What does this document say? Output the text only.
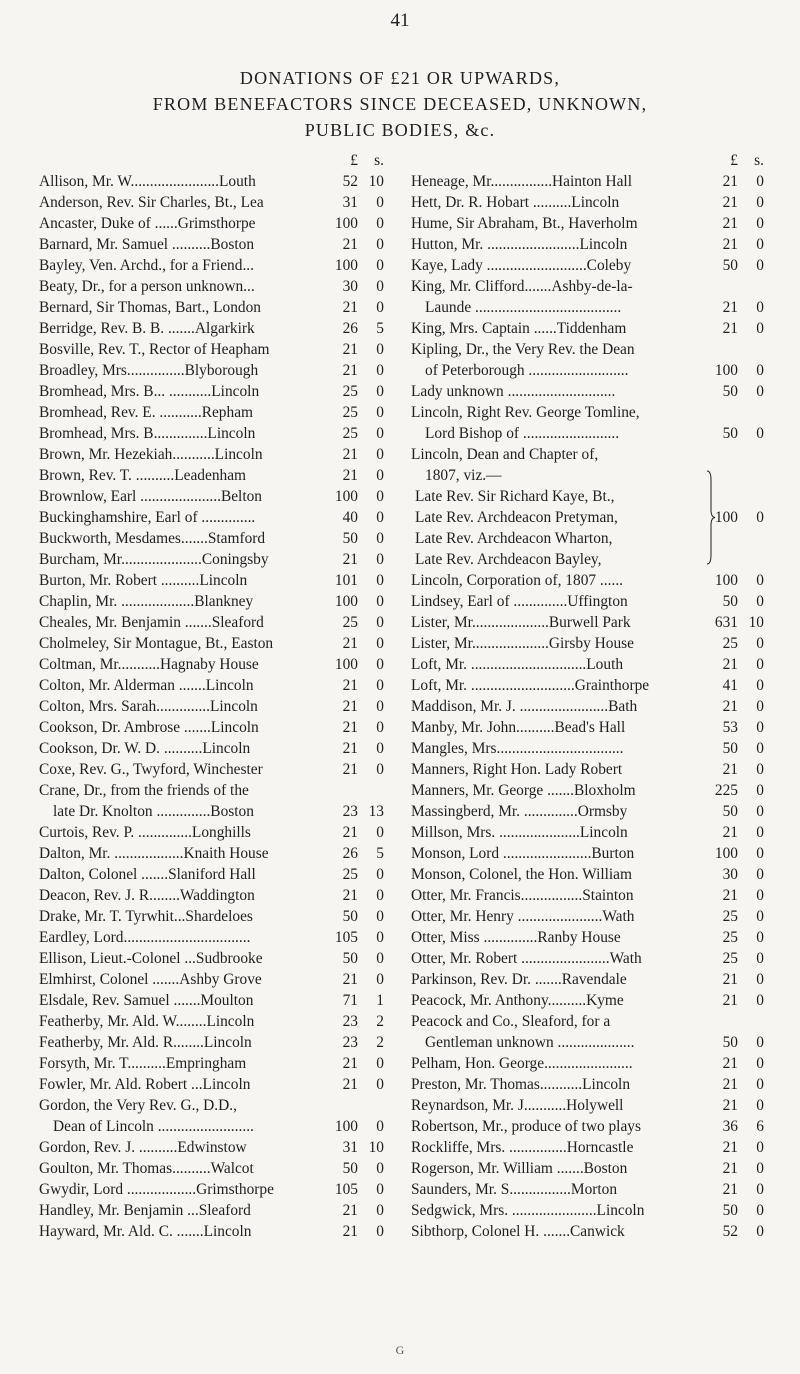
41
DONATIONS OF £21 OR UPWARDS,
FROM BENEFACTORS SINCE DECEASED, UNKNOWN,
PUBLIC BODIES, &c.
£	s.
Allison, Mr. W.......................Louth	52 10
Anderson, Rev. Sir Charles, Bt., Lea	31	0
Ancaster, Duke of ......Grimsthorpe	100	0
Barnard, Mr. Samuel ..........Boston	21	0
Bayley, Ven. Archd., for a Friend...	100	0
Beaty, Dr., for a person unknown...	30	0
Bernard, Sir Thomas, Bart., London	21	0
Berridge, Rev. B. B. .......Algarkirk	26	5
Bosville, Rev. T., Rector of Heapham	21	0
Broadley, Mrs...............Blyborough	21	0
Bromhead, Mrs. B... ...........Lincoln	25	0
Bromhead, Rev. E. ...........Repham	25	0
Bromhead, Mrs. B..............Lincoln	25	0
Brown, Mr. Hezekiah...........Lincoln	21	0
Brown, Rev. T. ..........Leadenham	21	0
Brownlow, Earl .....................Belton	100	0
Buckinghamshire, Earl of ..............	40	0
Buckworth, Mesdames.......Stamford	50	0
Burcham, Mr.....................Coningsby	21	0
Burton, Mr. Robert ..........Lincoln	101	0
Chaplin, Mr. ...................Blankney	100	0
Cheales, Mr. Benjamin .......Sleaford	25	0
Cholmeley, Sir Montague, Bt., Easton	21	0
Coltman, Mr...........Hagnaby House	100	0
Colton, Mr. Alderman .......Lincoln	21	0
Colton, Mrs. Sarah..............Lincoln	21	0
Cookson, Dr. Ambrose .......Lincoln	21	0
Cookson, Dr. W. D. ..........Lincoln	21	0
Coxe, Rev. G., Twyford, Winchester	21	0
Crane, Dr., from the friends of the
late Dr. Knolton ..............Boston	23 13
Curtois, Rev. P. ..............Longhills	21	0
Dalton, Mr. ..................Knaith House	26	5
Dalton, Colonel .......Slaniford Hall	25	0
Deacon, Rev. J. R........Waddington	21	0
Drake, Mr. T. Tyrwhit...Shardeloes	50	0
Eardley, Lord.................................	105	0
Ellison, Lieut.-Colonel ...Sudbrooke	50	0
Elmhirst, Colonel .......Ashby Grove	21	0
Elsdale, Rev. Samuel .......Moulton	71	1
Featherby, Mr. Ald. W........Lincoln	23	2
Featherby, Mr. Ald. R........Lincoln	23	2
Forsyth, Mr. T..........Empringham	21	0
Fowler, Mr. Ald. Robert ...Lincoln	21	0
Gordon, the Very Rev. G., D.D.,
Dean of Lincoln .........................	100	0
Gordon, Rev. J. ..........Edwinstow	31 10
Goulton, Mr. Thomas..........Walcot	50	0
Gwydir, Lord ..................Grimsthorpe	105	0
Handley, Mr. Benjamin ...Sleaford	21	0
Hayward, Mr. Ald. C. .......Lincoln	21	0
£	s.
Heneage, Mr................Hainton Hall	21	0
Hett, Dr. R. Hobart ..........Lincoln	21	0
Hume, Sir Abraham, Bt., Haverholm	21	0
Hutton, Mr. ........................Lincoln	21	0
Kaye, Lady ..........................Coleby	50	0
King, Mr. Clifford.......Ashby-de-la-
Launde ......................................	21	0
King, Mrs. Captain ......Tiddenham	21	0
Kipling, Dr., the Very Rev. the Dean
of Peterborough ..........................	100	0
Lady unknown ............................	50	0
Lincoln, Right Rev. George Tomline,
Lord Bishop of .........................	50	0
Lincoln, Dean and Chapter of,
1807, viz.—
Late Rev. Sir Richard Kaye, Bt.,
Late Rev. Archdeacon Pretyman,
Late Rev. Archdeacon Wharton,
Late Rev. Archdeacon Bayley,
100	0
Lincoln, Corporation of, 1807 ......	100	0
Lindsey, Earl of ..............Uffington	50	0
Lister, Mr....................Burwell Park	631 10
Lister, Mr....................Girsby House	25	0
Loft, Mr. ..............................Louth	21	0
Loft, Mr. ...........................Grainthorpe	41	0
Maddison, Mr. J. .......................Bath	21	0
Manby, Mr. John..........Bead's Hall	53	0
Mangles, Mrs.................................	50	0
Manners, Right Hon. Lady Robert	21	0
Manners, Mr. George .......Bloxholm	225	0
Massingberd, Mr. ..............Ormsby	50	0
Millson, Mrs. .....................Lincoln	21	0
Monson, Lord .......................Burton	100	0
Monson, Colonel, the Hon. William	30	0
Otter, Mr. Francis................Stainton	21	0
Otter, Mr. Henry ......................Wath	25	0
Otter, Miss ..............Ranby House	25	0
Otter, Mr. Robert .......................Wath	25	0
Parkinson, Rev. Dr. .......Ravendale	21	0
Peacock, Mr. Anthony..........Kyme	21	0
Peacock and Co., Sleaford, for a
Gentleman unknown ....................	50	0
Pelham, Hon. George.......................	21	0
Preston, Mr. Thomas...........Lincoln	21	0
Reynardson, Mr. J...........Holywell	21	0
Robertson, Mr., produce of two plays	36	6
Rockliffe, Mrs. ...............Horncastle	21	0
Rogerson, Mr. William .......Boston	21	0
Saunders, Mr. S................Morton	21	0
Sedgwick, Mrs. ......................Lincoln	50	0
Sibthorp, Colonel H. .......Canwick	52	0
G
